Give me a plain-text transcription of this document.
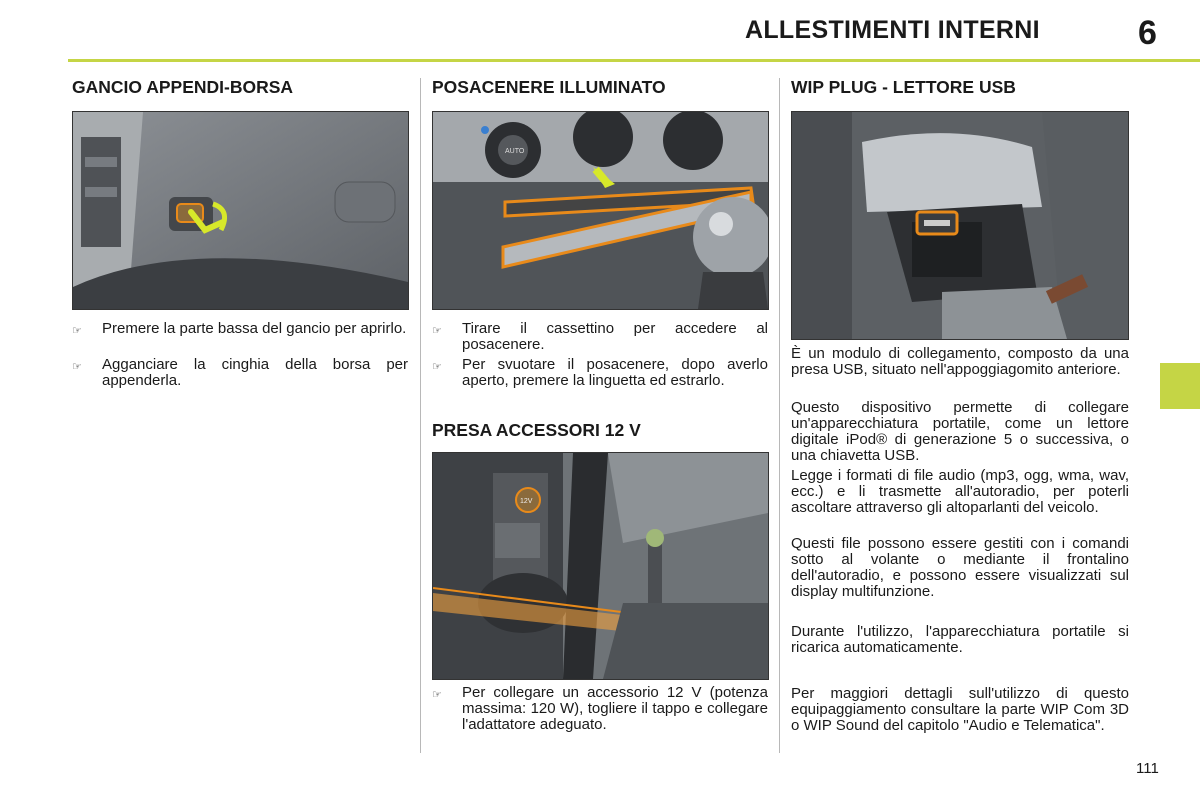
ALLESTIMENTI INTERNI	6
GANCIO APPENDI-BORSA
☞	Premere la parte bassa del gancio per aprirlo.
☞	Agganciare la cinghia della borsa per appenderla.
POSACENERE ILLUMINATO
AUTO
☞	Tirare il cassettino per accedere al posacenere.
☞	Per svuotare il posacenere, dopo averlo aperto, premere la linguetta ed estrarlo.
PRESA ACCESSORI 12 V
12V
☞	Per collegare un accessorio 12 V (potenza massima: 120 W), togliere il tappo e collegare l'adattatore adeguato.
WIP PLUG - LETTORE USB

È un modulo di collegamento, composto da una presa USB, situato nell'appoggiagomito anteriore.

Questo dispositivo permette di collegare un'apparecchiatura portatile, come un lettore digitale iPod® di generazione 5 o successiva, o una chiavetta USB.

Legge i formati di file audio (mp3, ogg, wma, wav, ecc.) e li trasmette all'autoradio, per poterli ascoltare attraverso gli altoparlanti del veicolo.

Questi file possono essere gestiti con i comandi sotto al volante o mediante il frontalino dell'autoradio, e possono essere visualizzati sul display multifunzione.

Durante l'utilizzo, l'apparecchiatura portatile si ricarica automaticamente.

Per maggiori dettagli sull'utilizzo di questo equipaggiamento consultare la parte WIP Com 3D o WIP Sound del capitolo "Audio e Telematica".

111
